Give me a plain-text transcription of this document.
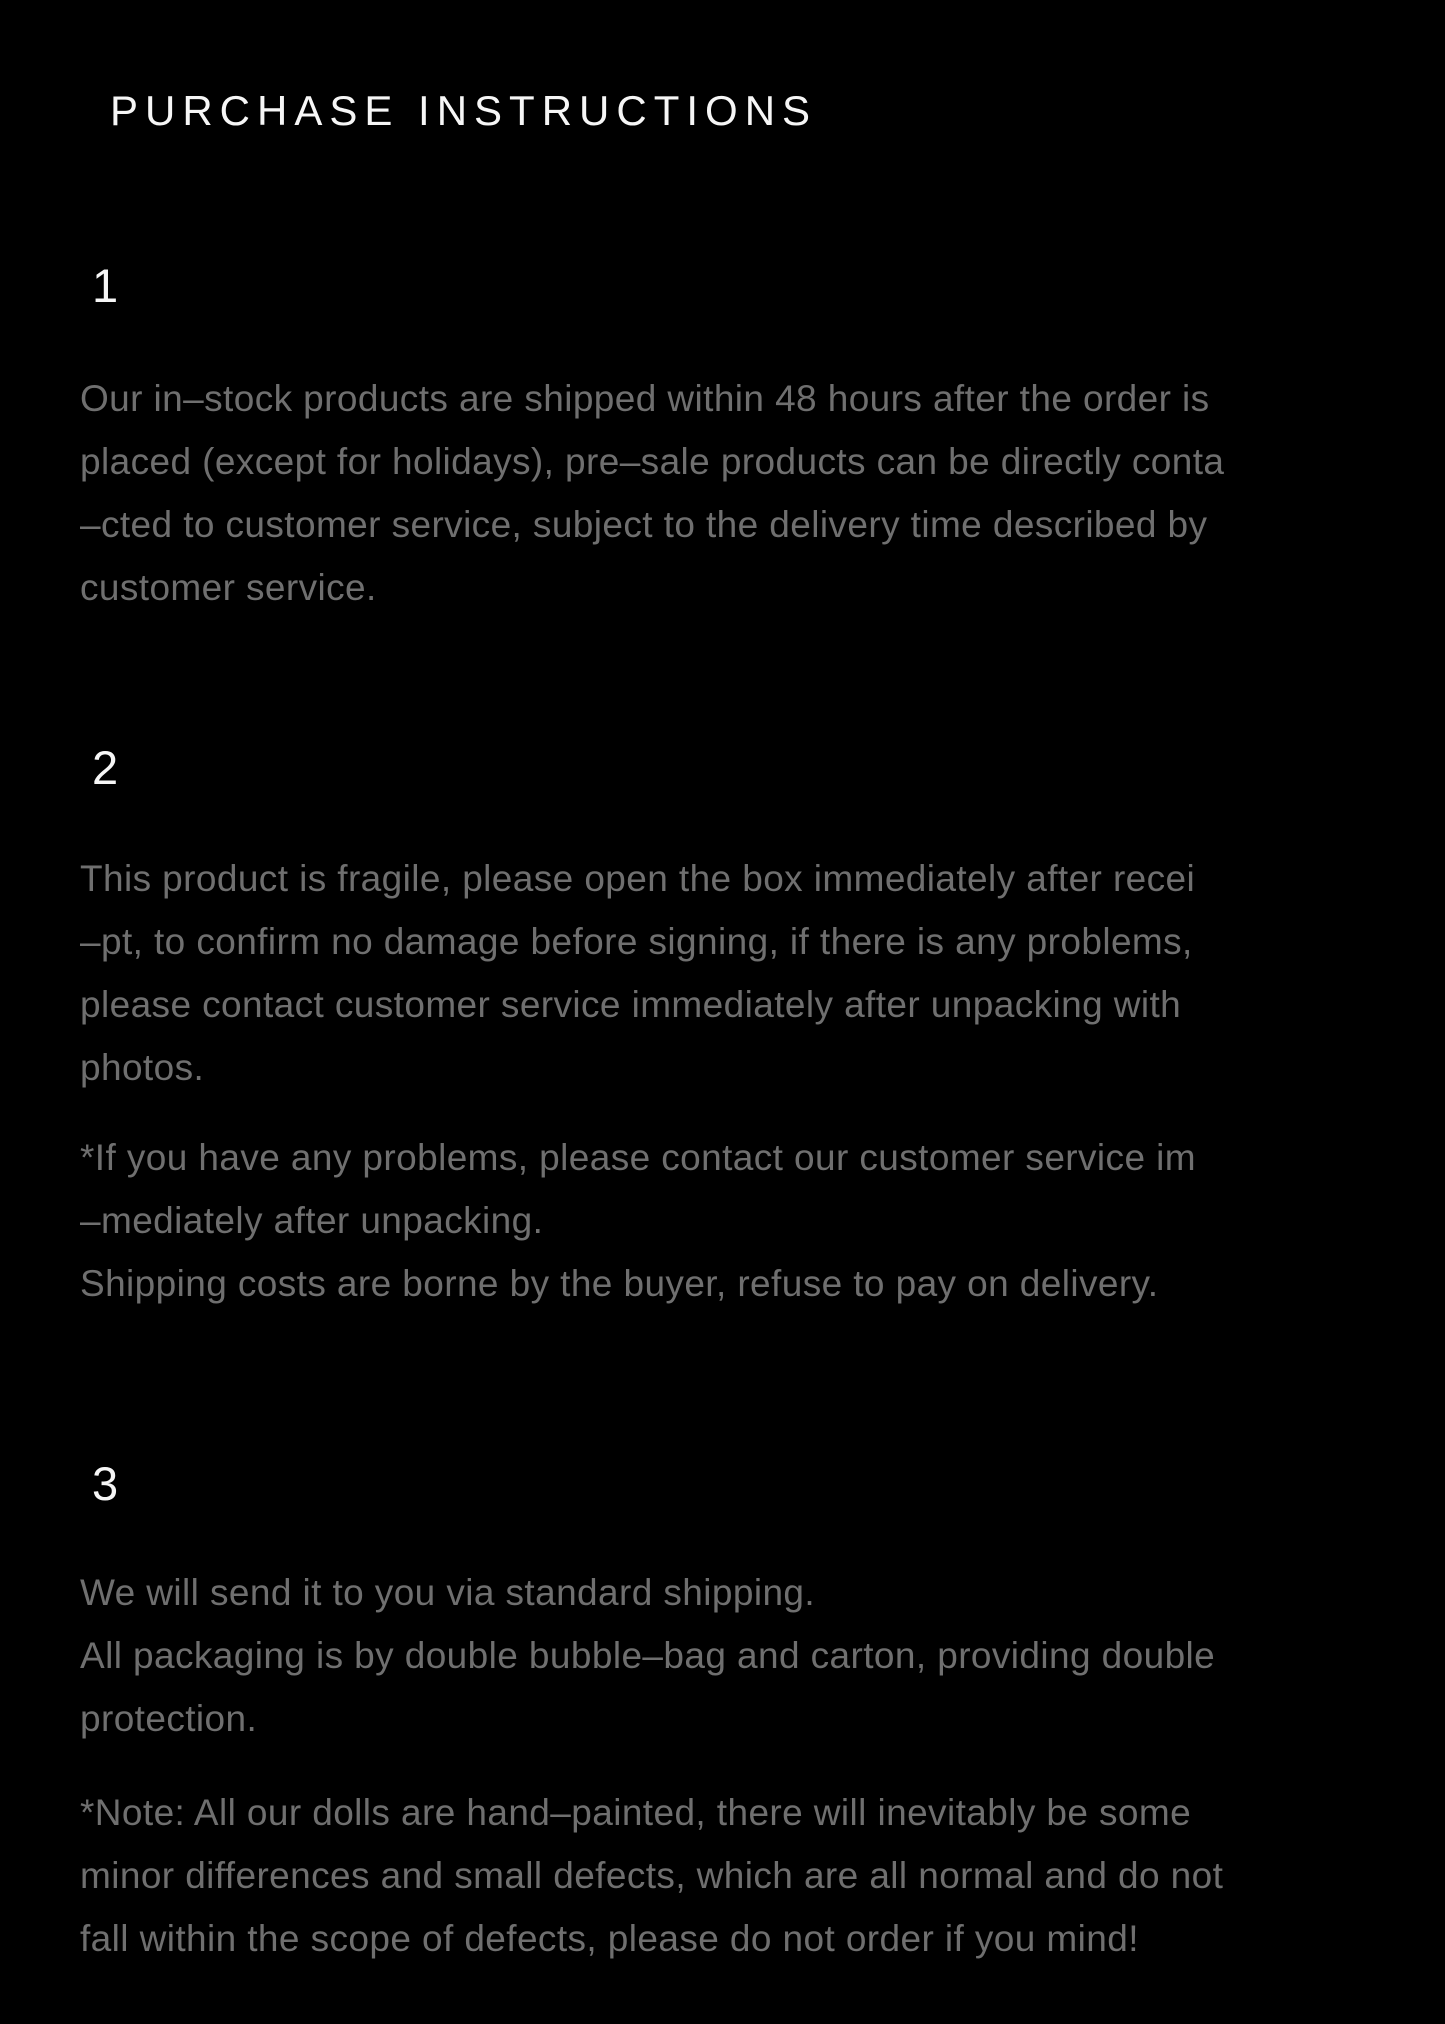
PURCHASE INSTRUCTIONS
1
Our in–stock products are shipped within 48 hours after the order is
placed (except for holidays), pre–sale products can be directly conta
–cted to customer service, subject to the delivery time described by
customer service.
2
This product is fragile, please open the box immediately after recei
–pt, to confirm no damage before signing, if there is any problems,
please contact customer service immediately after unpacking with
photos.
*If you have any problems, please contact our customer service im
–mediately after unpacking.
Shipping costs are borne by the buyer, refuse to pay on delivery.
3
We will send it to you via standard shipping.
All packaging is by double bubble–bag and carton, providing double
protection.
*Note: All our dolls are hand–painted, there will inevitably be some
minor differences and small defects, which are all normal and do not
fall within the scope of defects, please do not order if you mind!
